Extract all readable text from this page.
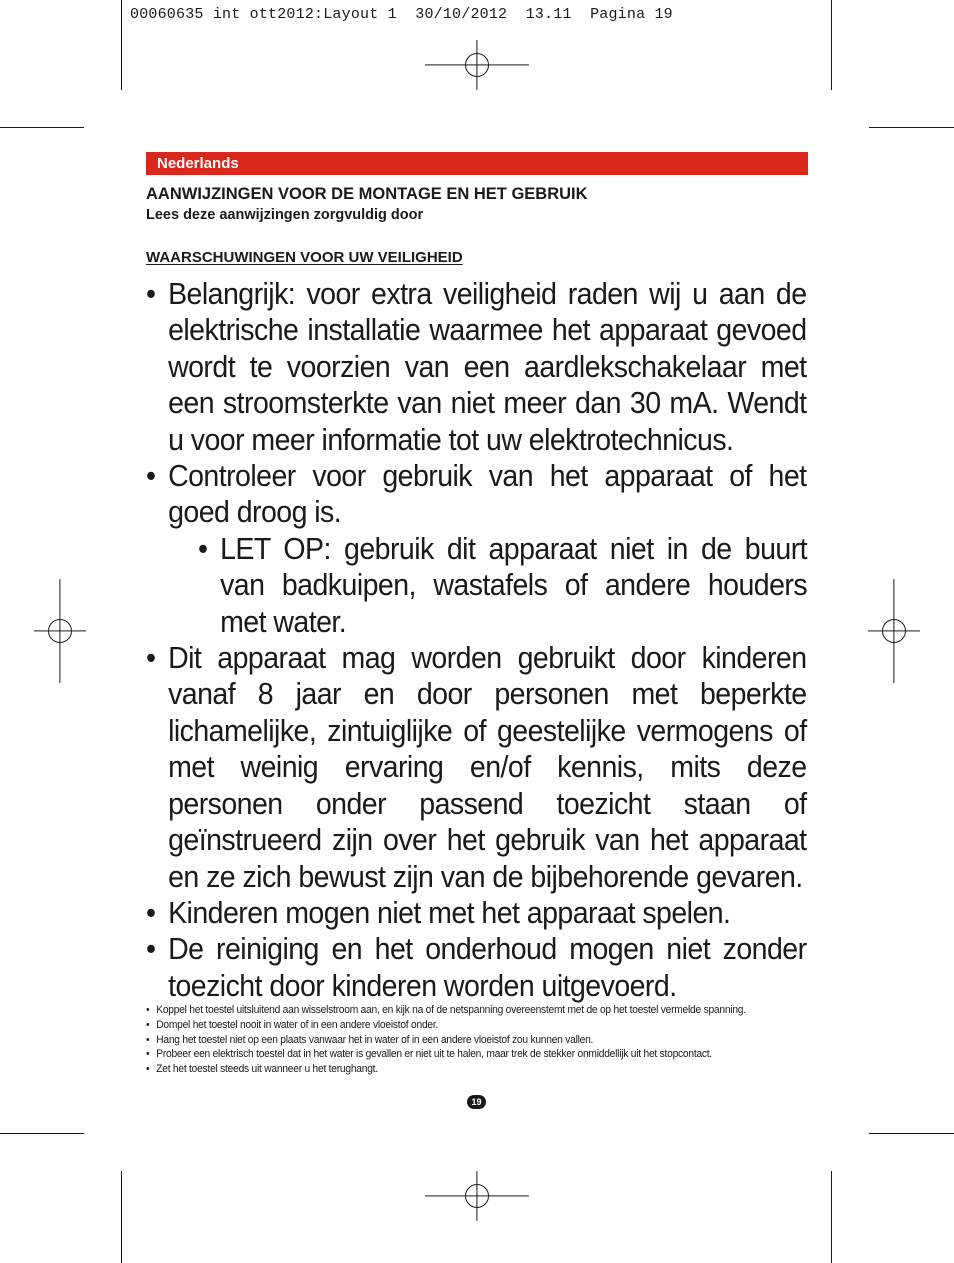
00060635 int ott2012:Layout 1  30/10/2012  13.11  Pagina 19
Nederlands
AANWIJZINGEN VOOR DE MONTAGE EN HET GEBRUIK
Lees deze aanwijzingen zorgvuldig door
WAARSCHUWINGEN VOOR UW VEILIGHEID
• Belangrijk: voor extra veiligheid raden wij u aan de elektrische installatie waarmee het apparaat gevoed wordt te voorzien van een aardlekschakelaar met een stroomsterkte van niet meer dan 30 mA. Wendt u voor meer informatie tot uw elektrotechnicus.
• Controleer voor gebruik van het apparaat of het goed droog is.
• LET OP: gebruik dit apparaat niet in de buurt van badkuipen, wastafels of andere houders met water.
• Dit apparaat mag worden gebruikt door kinderen vanaf 8 jaar en door personen met beperkte lichamelijke, zintuiglijke of geestelijke vermogens of met weinig ervaring en/of kennis, mits deze personen onder passend toezicht staan of geïnstrueerd zijn over het gebruik van het apparaat en ze zich bewust zijn van de bijbehorende gevaren.
• Kinderen mogen niet met het apparaat spelen.
• De reiniging en het onderhoud mogen niet zonder toezicht door kinderen worden uitgevoerd.
• Koppel het toestel uitsluitend aan wisselstroom aan, en kijk na of de netspanning overeenstemt met de op het toestel vermelde spanning.
• Dompel het toestel nooit in water of in een andere vloeistof onder.
• Hang het toestel niet op een plaats vanwaar het in water of in een andere vloeistof zou kunnen vallen.
• Probeer een elektrisch toestel dat in het water is gevallen er niet uit te halen, maar trek de stekker onmiddellijk uit het stopcontact.
• Zet het toestel steeds uit wanneer u het terughangt.
19
